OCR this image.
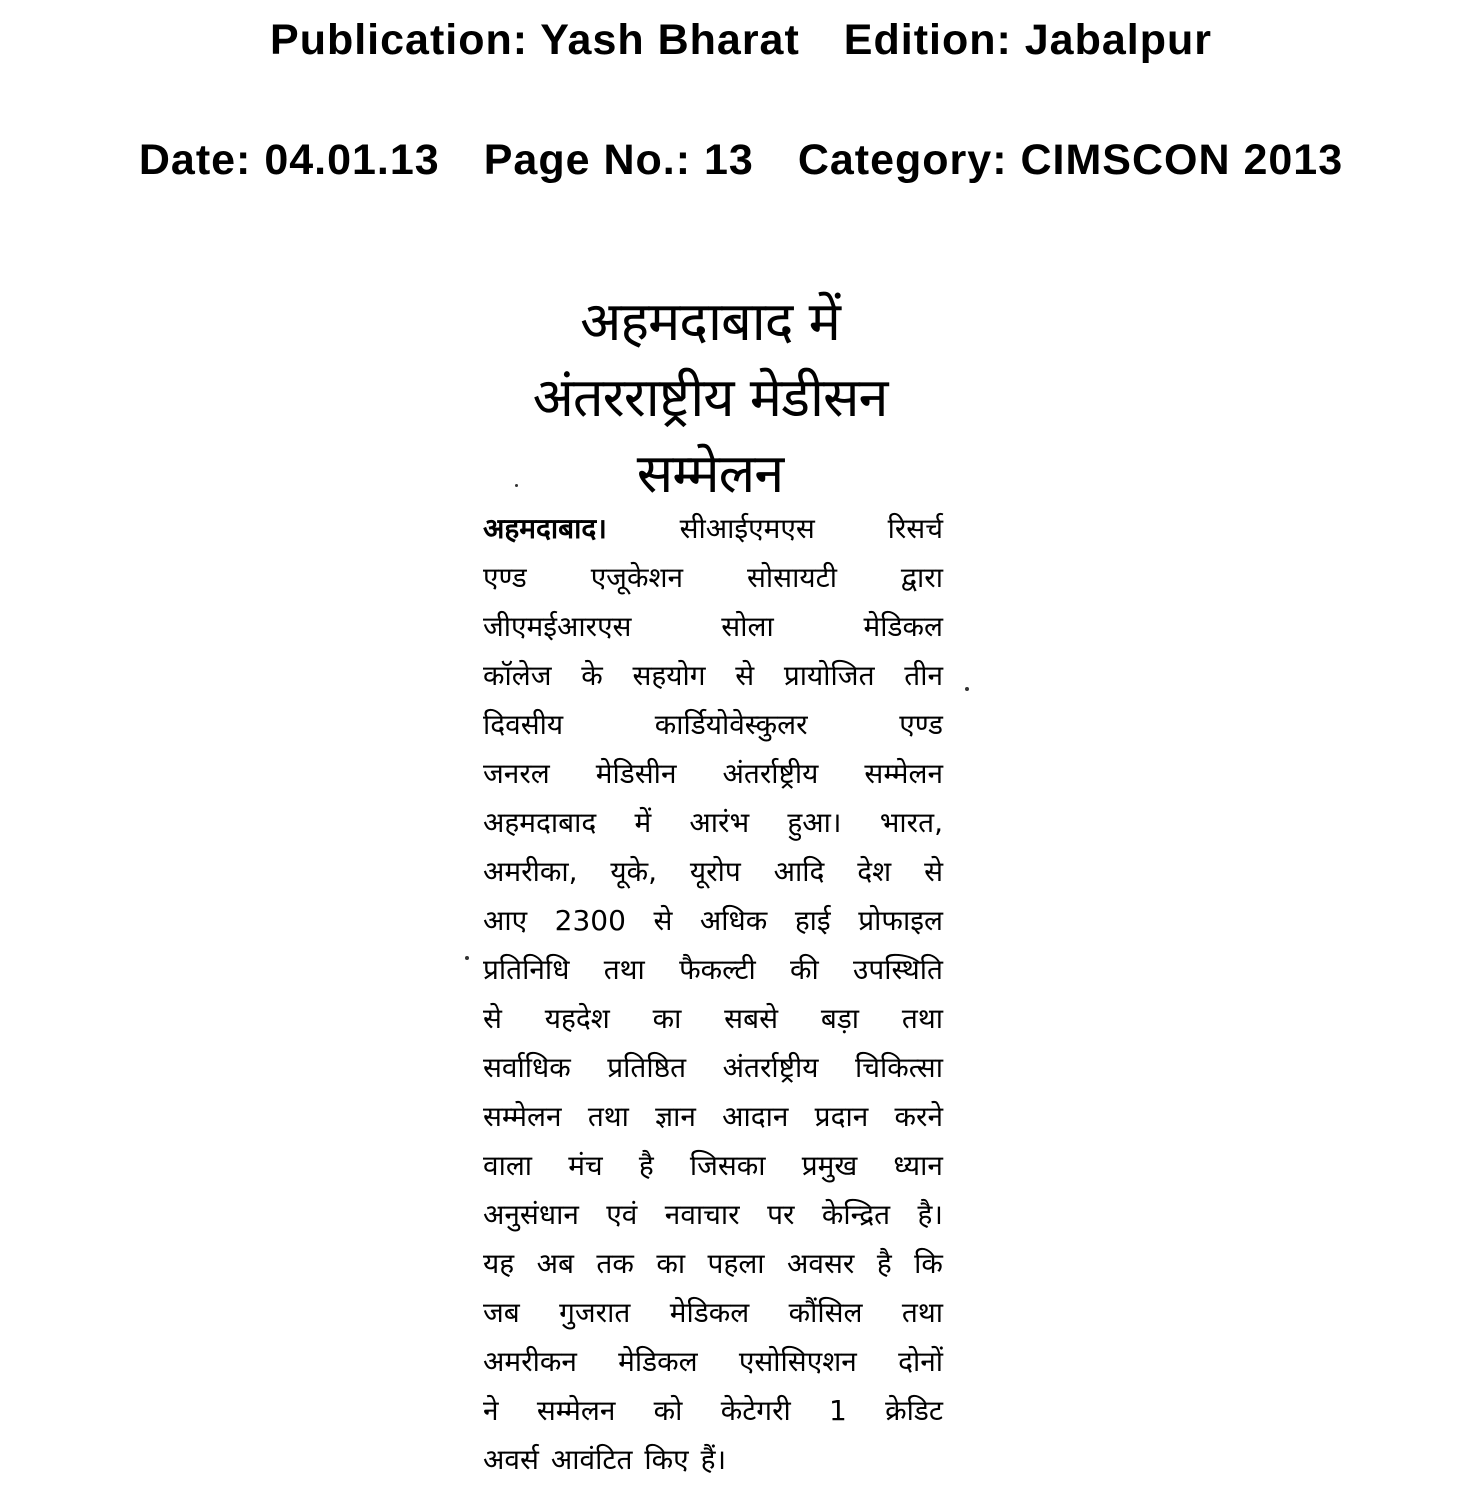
Publication: Yash Bharat Edition: Jabalpur
Date: 04.01.13 Page No.: 13 Category: CIMSCON 2013
अहमदाबाद में
अंतरराष्ट्रीय मेडीसन
सम्मेलन
अहमदाबाद।	सीआईएमएस	रिसर्च
एण्ड एजूकेशन सोसायटी द्वारा
जीएमईआरएस	सोला	मेडिकल
कॉलेज के सहयोग से प्रायोजित तीन
दिवसीय	कार्डियोवेस्कुलर	एण्ड
जनरल मेडिसीन अंतर्राष्ट्रीय सम्मेलन
अहमदाबाद में आरंभ हुआ। भारत,
अमरीका, यूके, यूरोप आदि देश से
आए 2300 से अधिक हाई प्रोफाइल
प्रतिनिधि तथा फैकल्टी की उपस्थिति
से यहदेश का सबसे बड़ा तथा
सर्वाधिक प्रतिष्ठित अंतर्राष्ट्रीय चिकित्सा
सम्मेलन तथा ज्ञान आदान प्रदान करने
वाला मंच है जिसका प्रमुख ध्यान
अनुसंधान एवं नवाचार पर केन्द्रित है।
यह अब तक का पहला अवसर है कि
जब गुजरात मेडिकल कौंसिल तथा
अमरीकन मेडिकल एसोसिएशन दोनों
ने सम्मेलन को केटेगरी 1 क्रेडिट
अवर्स आवंटित किए हैं।
